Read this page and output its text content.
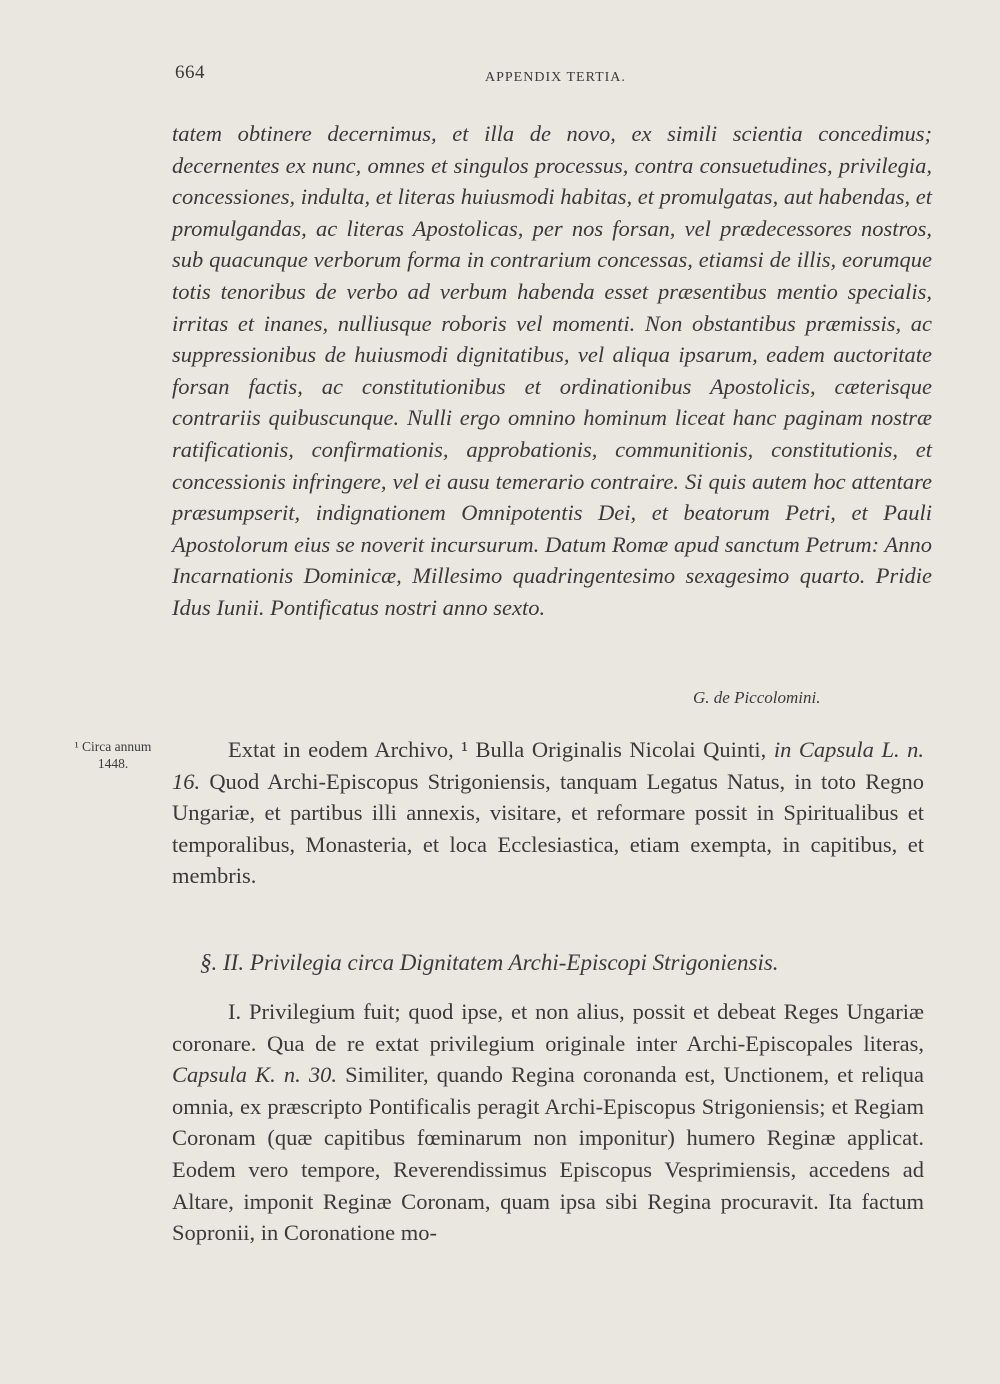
664	APPENDIX TERTIA.
tatem obtinere decernimus, et illa de novo, ex simili scientia concedimus; decernentes ex nunc, omnes et singulos processus, contra consuetudines, privilegia, concessiones, indulta, et literas huiusmodi habitas, et promulgatas, aut habendas, et promulgandas, ac literas Apostolicas, per nos forsan, vel prædecessores nostros, sub quacunque verborum forma in contrarium concessas, etiamsi de illis, eorumque totis tenoribus de verbo ad verbum habenda esset præsentibus mentio specialis, irritas et inanes, nulliusque roboris vel momenti. Non obstantibus præmissis, ac suppressionibus de huiusmodi dignitatibus, vel aliqua ipsarum, eadem auctoritate forsan factis, ac constitutionibus et ordinationibus Apostolicis, cæterisque contrariis quibuscunque. Nulli ergo omnino hominum liceat hanc paginam nostræ ratificationis, confirmationis, approbationis, communitionis, constitutionis, et concessionis infringere, vel ei ausu temerario contraire. Si quis autem hoc attentare præsumpserit, indignationem Omnipotentis Dei, et beatorum Petri, et Pauli Apostolorum eius se noverit incursurum. Datum Romæ apud sanctum Petrum: Anno Incarnationis Dominicæ, Millesimo quadringentesimo sexagesimo quarto. Pridie Idus Iunii. Pontificatus nostri anno sexto.
G. de Piccolomini.
¹ Circa annum
1448.
Extat in eodem Archivo, ¹ Bulla Originalis Nicolai Quinti, in Capsula L. n. 16. Quod Archi-Episcopus Strigoniensis, tanquam Legatus Natus, in toto Regno Ungariæ, et partibus illi annexis, visitare, et reformare possit in Spiritualibus et temporalibus, Monasteria, et loca Ecclesiastica, etiam exempta, in capitibus, et membris.
§. II. Privilegia circa Dignitatem Archi-Episcopi Strigoniensis.
I. Privilegium fuit; quod ipse, et non alius, possit et debeat Reges Ungariæ coronare. Qua de re extat privilegium originale inter Archi-Episcopales literas, Capsula K. n. 30. Similiter, quando Regina coronanda est, Unctionem, et reliqua omnia, ex præscripto Pontificalis peragit Archi-Episcopus Strigoniensis; et Regiam Coronam (quæ capitibus fœminarum non imponitur) humero Reginæ applicat. Eodem vero tempore, Reverendissimus Episcopus Vesprimiensis, accedens ad Altare, imponit Reginæ Coronam, quam ipsa sibi Regina procuravit. Ita factum Sopronii, in Coronatione mo-
